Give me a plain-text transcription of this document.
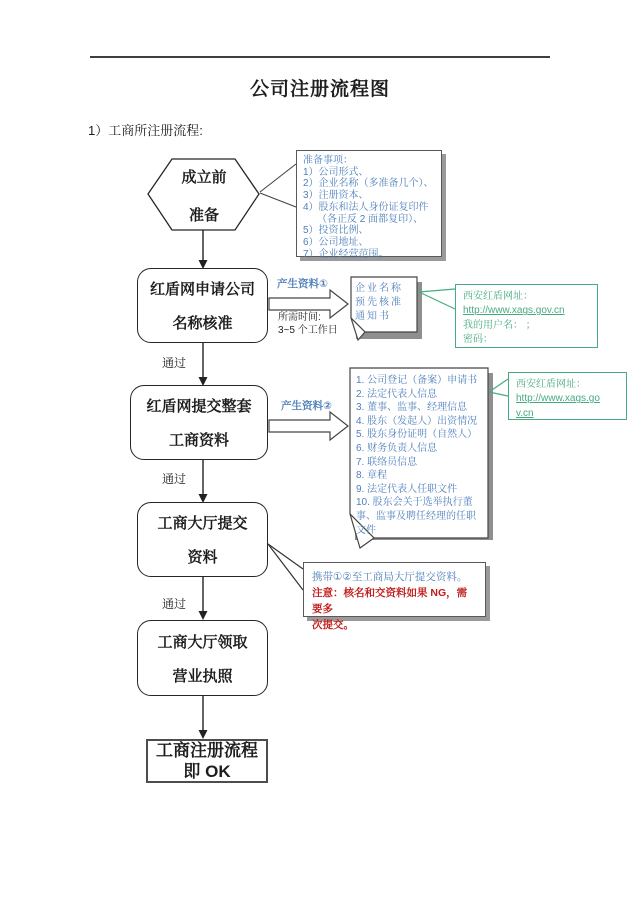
公司注册流程图
1）工商所注册流程:
成立前
准备
准备事项：
1）公司形式、
2）企业名称（多准备几个）、
3）注册资本、
4）股东和法人身份证复印件
（各正反 2 面都复印）、
5）投资比例、
6）公司地址、
7）企业经营范围。
红盾网申请公司
名称核准
产生资料①
所需时间:
3~5 个工作日
企业名称
预先核准
通知书
西安红盾网址：
http://www.xags.gov.cn
我的用户名： ；
密码：
通过
红盾网提交整套
工商资料
产生资料②
1. 公司登记（备案）申请书
2. 法定代表人信息
3. 董事、监事、经理信息
4. 股东（发起人）出资情况
5. 股东身份证明（自然人）
6. 财务负责人信息
7. 联络员信息
8. 章程
9. 法定代表人任职文件
10. 股东会关于选举执行董
事、监事及聘任经理的任职
文件
西安红盾网址：
http://www.xags.go
v.cn
通过
工商大厅提交
资料
携带①②至工商局大厅提交资料。
注意：核名和交资料如果 NG，需要多
次提交。
通过
工商大厅领取
营业执照
工商注册流程
即 OK
